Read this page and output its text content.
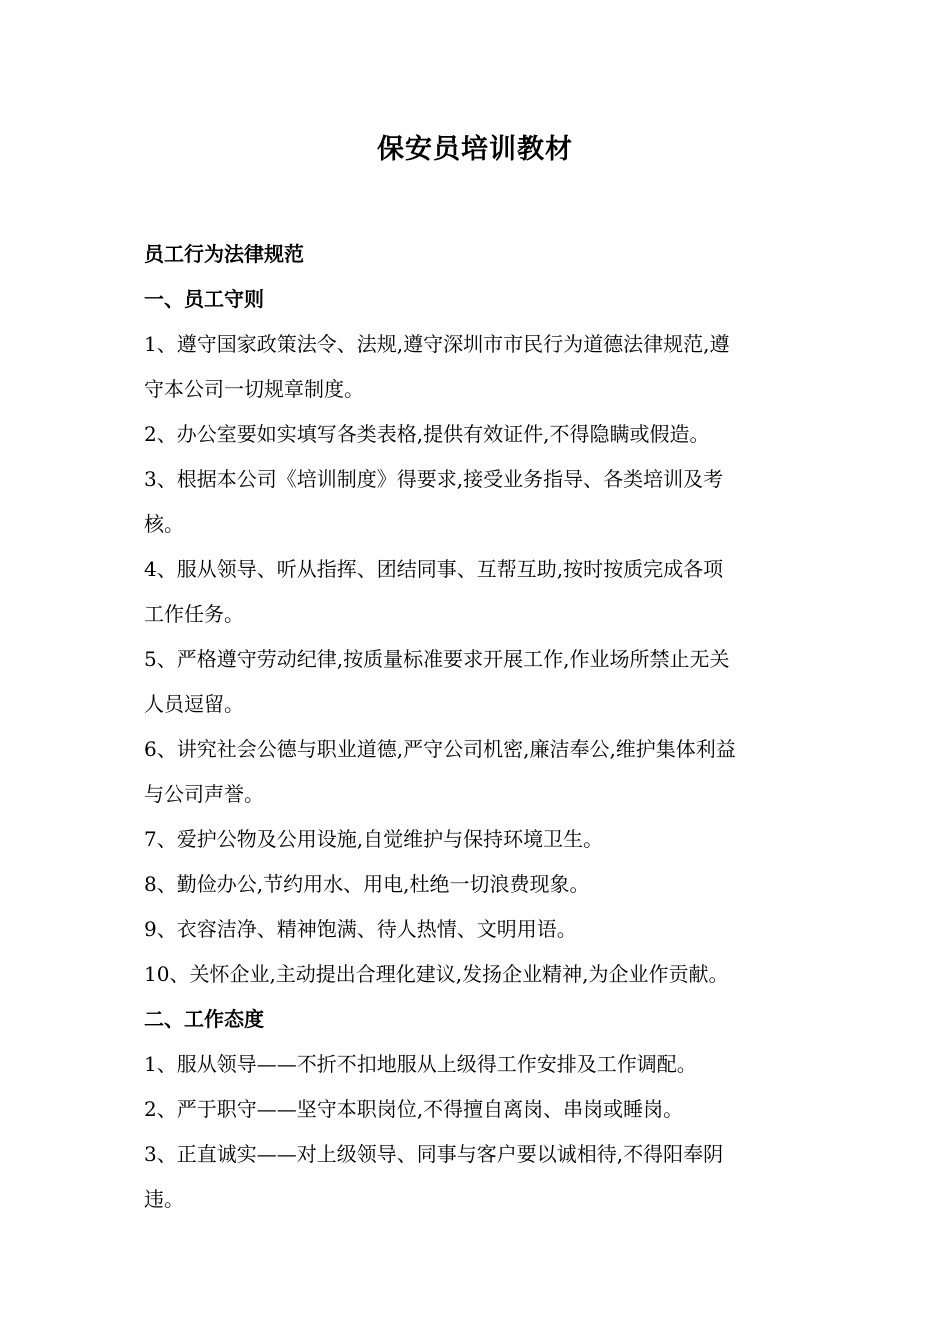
保安员培训教材

员工行为法律规范

一、员工守则

1、遵守国家政策法令、法规,遵守深圳市市民行为道德法律规范,遵

守本公司一切规章制度。

2、办公室要如实填写各类表格,提供有效证件,不得隐瞒或假造。

3、根据本公司《培训制度》得要求,接受业务指导、各类培训及考

核。

4、服从领导、听从指挥、团结同事、互帮互助,按时按质完成各项

工作任务。

5、严格遵守劳动纪律,按质量标准要求开展工作,作业场所禁止无关

人员逗留。

6、讲究社会公德与职业道德,严守公司机密,廉洁奉公,维护集体利益

与公司声誉。

7、爱护公物及公用设施,自觉维护与保持环境卫生。

8、勤俭办公,节约用水、用电,杜绝一切浪费现象。

9、衣容洁净、精神饱满、待人热情、文明用语。

10、关怀企业,主动提出合理化建议,发扬企业精神,为企业作贡献。

二、工作态度

1、服从领导——不折不扣地服从上级得工作安排及工作调配。

2、严于职守——坚守本职岗位,不得擅自离岗、串岗或睡岗。

3、正直诚实——对上级领导、同事与客户要以诚相待,不得阳奉阴

违。
